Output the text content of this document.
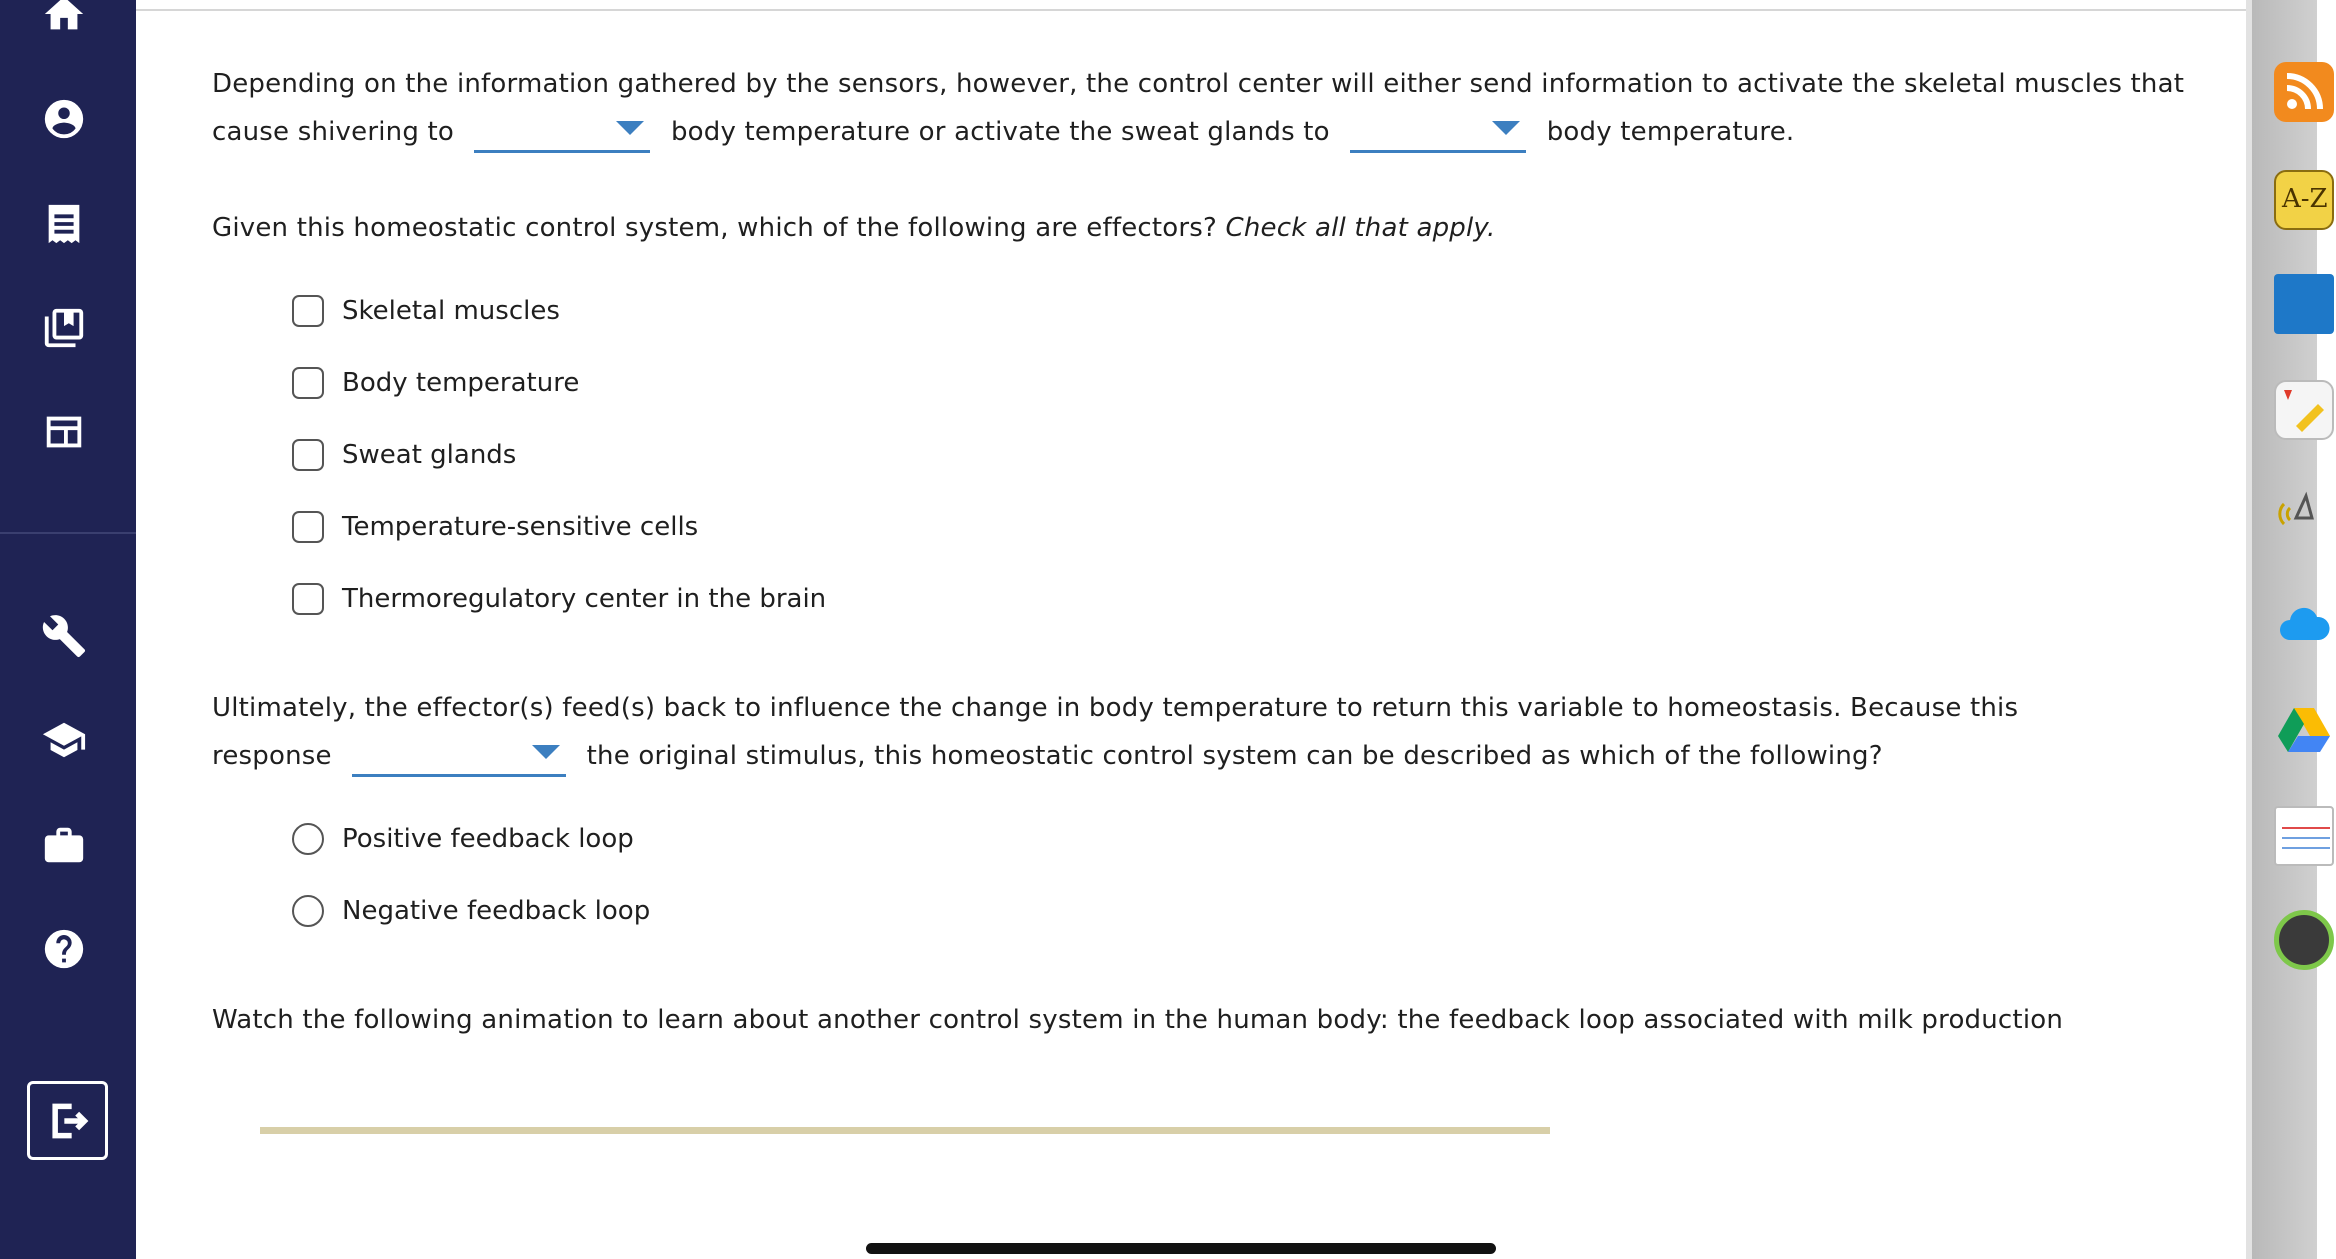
Depending on the information gathered by the sensors, however, the control center will either send information to activate the skeletal muscles that
cause shivering to	body temperature or activate the sweat glands to	body temperature.
Given this homeostatic control system, which of the following are effectors? Check all that apply.
Skeletal muscles
Body temperature
Sweat glands
Temperature-sensitive cells
Thermoregulatory center in the brain
Ultimately, the effector(s) feed(s) back to influence the change in body temperature to return this variable to homeostasis. Because this
response	the original stimulus, this homeostatic control system can be described as which of the following?
Positive feedback loop
Negative feedback loop
Watch the following animation to learn about another control system in the human body: the feedback loop associated with milk production
A-Z
